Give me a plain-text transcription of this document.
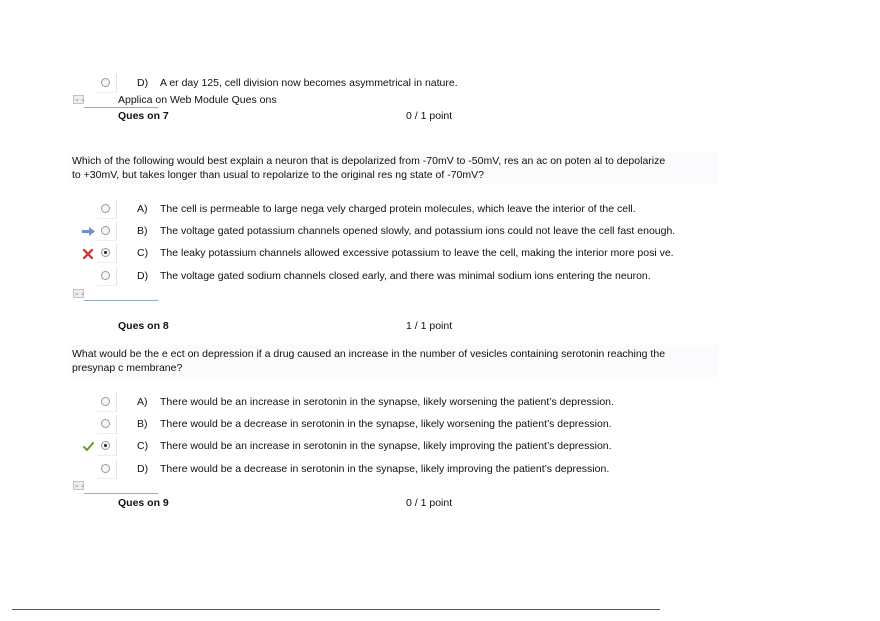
D) A er day 125, cell division now becomes asymmetrical in nature.
⌄⌄	Applica on Web Module Ques ons
Ques on 7	0 / 1 point
Which of the following would best explain a neuron that is depolarized from -70mV to -50mV, res an ac on poten al to depolarize
to +30mV, but takes longer than usual to repolarize to the original res ng state of -70mV?
A)	The cell is permeable to large nega vely charged protein molecules, which leave the interior of the cell.
B)	The voltage gated potassium channels opened slowly, and potassium ions could not leave the cell fast enough.
C) The leaky potassium channels allowed excessive potassium to leave the cell, making the interior more posi ve.
D) The voltage gated sodium channels closed early, and there was minimal sodium ions entering the neuron.
⌄⌄
Ques on 8	1 / 1 point
What would be the e ect on depression if a drug caused an increase in the number of vesicles containing serotonin reaching the
presynap c membrane?
A)	There would be an increase in serotonin in the synapse, likely worsening the patient’s depression.
B)	There would be a decrease in serotonin in the synapse, likely worsening the patient’s depression.
C) There would be an increase in serotonin in the synapse, likely improving the patient’s depression.
D) There would be a decrease in serotonin in the synapse, likely improving the patient’s depression.
⌄⌄
Ques on 9	0 / 1 point
